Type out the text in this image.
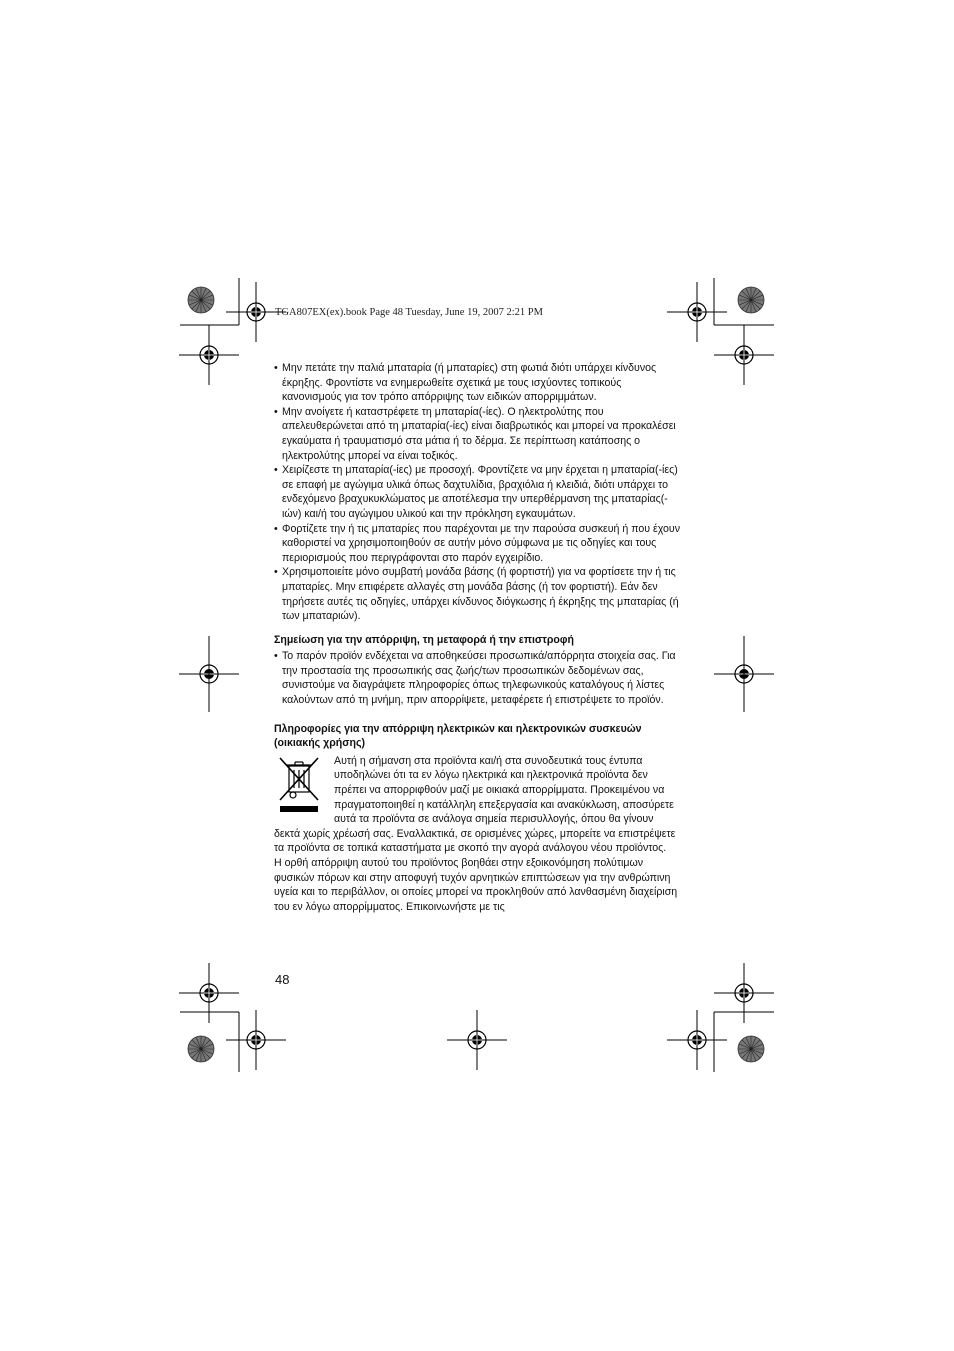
TGA807EX(ex).book Page 48 Tuesday, June 19, 2007 2:21 PM
• Μην πετάτε την παλιά μπαταρία (ή μπαταρίες) στη φωτιά διότι υπάρχει κίνδυνος έκρηξης. Φροντίστε να ενημερωθείτε σχετικά με τους ισχύοντες τοπικούς κανονισμούς για τον τρόπο απόρριψης των ειδικών απορριμμάτων.
• Μην ανοίγετε ή καταστρέφετε τη μπαταρία(-ίες). Ο ηλεκτρολύτης που απελευθερώνεται από τη μπαταρία(-ίες) είναι διαβρωτικός και μπορεί να προκαλέσει εγκαύματα ή τραυματισμό στα μάτια ή το δέρμα. Σε περίπτωση κατάποσης ο ηλεκτρολύτης μπορεί να είναι τοξικός.
• Χειρίζεστε τη μπαταρία(-ίες) με προσοχή. Φροντίζετε να μην έρχεται η μπαταρία(-ίες) σε επαφή με αγώγιμα υλικά όπως δαχτυλίδια, βραχιόλια ή κλειδιά, διότι υπάρχει το ενδεχόμενο βραχυκυκλώματος με αποτέλεσμα την υπερθέρμανση της μπαταρίας(-ιών) και/ή του αγώγιμου υλικού και την πρόκληση εγκαυμάτων.
• Φορτίζετε την ή τις μπαταρίες που παρέχονται με την παρούσα συσκευή ή που έχουν καθοριστεί να χρησιμοποιηθούν σε αυτήν μόνο σύμφωνα με τις οδηγίες και τους περιορισμούς που περιγράφονται στο παρόν εγχειρίδιο.
• Χρησιμοποιείτε μόνο συμβατή μονάδα βάσης (ή φορτιστή) για να φορτίσετε την ή τις μπαταρίες. Μην επιφέρετε αλλαγές στη μονάδα βάσης (ή τον φορτιστή). Εάν δεν τηρήσετε αυτές τις οδηγίες, υπάρχει κίνδυνος διόγκωσης ή έκρηξης της μπαταρίας (ή των μπαταριών).

Σημείωση για την απόρριψη, τη μεταφορά ή την επιστροφή

• Το παρόν προϊόν ενδέχεται να αποθηκεύσει προσωπικά/απόρρητα στοιχεία σας. Για την προστασία της προσωπικής σας ζωής/των προσωπικών δεδομένων σας, συνιστούμε να διαγράψετε πληροφορίες όπως τηλεφωνικούς καταλόγους ή λίστες καλούντων από τη μνήμη, πριν απορρίψετε, μεταφέρετε ή επιστρέψετε το προϊόν.

Πληροφορίες για την απόρριψη ηλεκτρικών και ηλεκτρονικών συσκευών (οικιακής χρήσης)

Αυτή η σήμανση στα προϊόντα και/ή στα συνοδευτικά τους έντυπα υποδηλώνει ότι τα εν λόγω ηλεκτρικά και ηλεκτρονικά προϊόντα δεν πρέπει να απορριφθούν μαζί με οικιακά απορρίμματα. Προκειμένου να πραγματοποιηθεί η κατάλληλη επεξεργασία και ανακύκλωση, αποσύρετε αυτά τα προϊόντα σε ανάλογα σημεία περισυλλογής, όπου θα γίνουν δεκτά χωρίς χρέωσή σας. Εναλλακτικά, σε ορισμένες χώρες, μπορείτε να επιστρέψετε τα προϊόντα σε τοπικά καταστήματα με σκοπό την αγορά ανάλογου νέου προϊόντος.

Η ορθή απόρριψη αυτού του προϊόντος βοηθάει στην εξοικονόμηση πολύτιμων φυσικών πόρων και στην αποφυγή τυχόν αρνητικών επιπτώσεων για την ανθρώπινη υγεία και το περιβάλλον, οι οποίες μπορεί να προκληθούν από λανθασμένη διαχείριση του εν λόγω απορρίμματος. Επικοινωνήστε με τις

48
